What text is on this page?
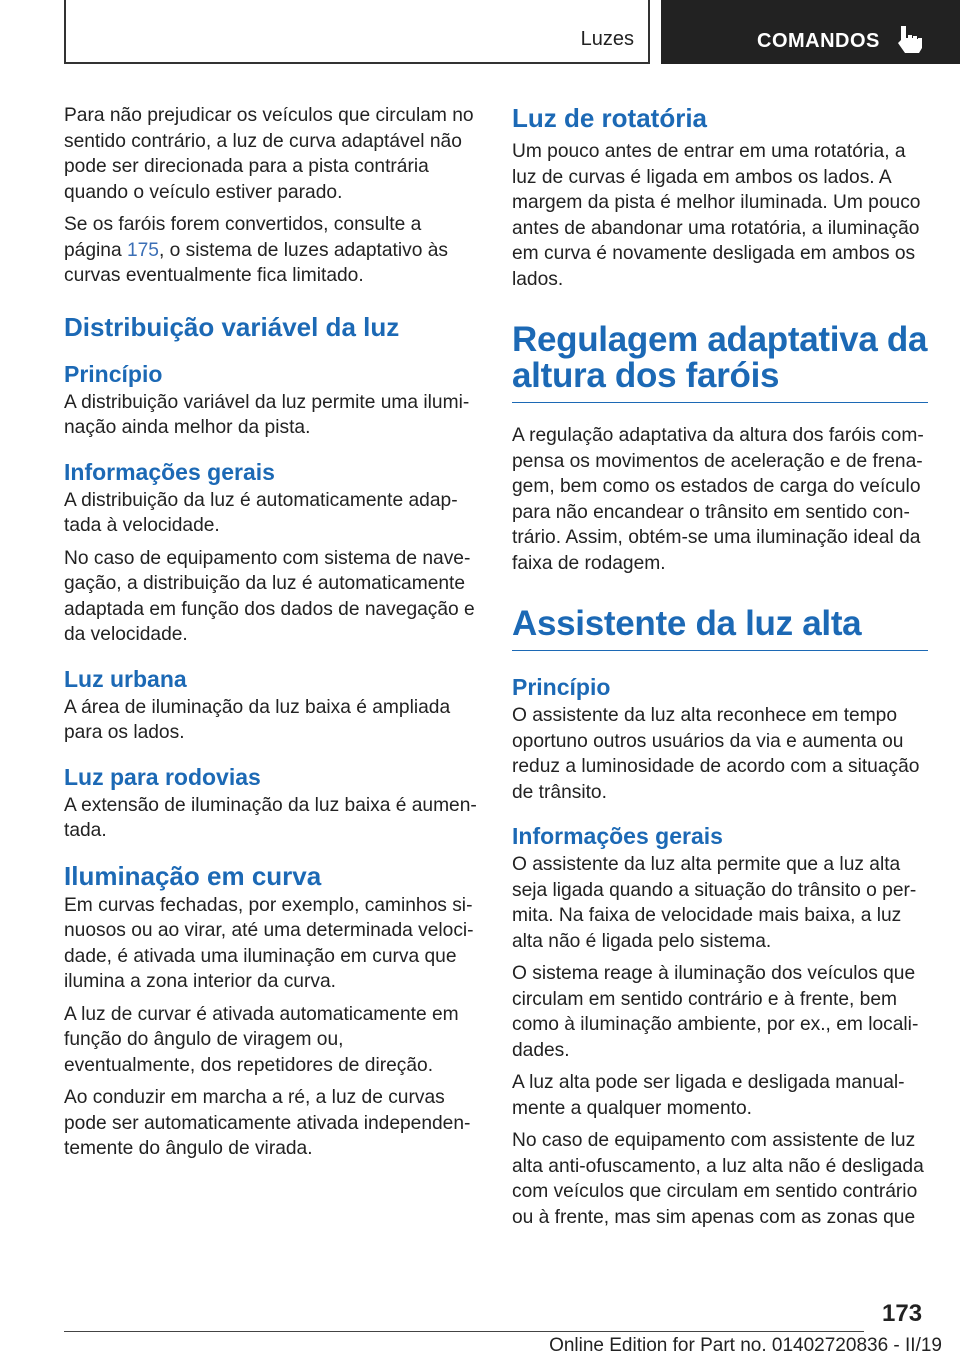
Luzes	COMANDOS

Para não prejudicar os veículos que circulam no sentido contrário, a luz de curva adaptável não pode ser direcionada para a pista contrária quando o veículo estiver parado.

Se os faróis forem convertidos, consulte a página 175, o sistema de luzes adaptativo às curvas eventualmente fica limitado.

Distribuição variável da luz
Princípio

A distribuição variável da luz permite uma iluminação ainda melhor da pista.

Informações gerais

A distribuição da luz é automaticamente adaptada à velocidade.

No caso de equipamento com sistema de navegação, a distribuição da luz é automaticamente adaptada em função dos dados de navegação e da velocidade.

Luz urbana

A área de iluminação da luz baixa é ampliada para os lados.

Luz para rodovias

A extensão de iluminação da luz baixa é aumentada.

Iluminação em curva

Em curvas fechadas, por exemplo, caminhos sinuosos ou ao virar, até uma determinada velocidade, é ativada uma iluminação em curva que ilumina a zona interior da curva.

A luz de curvar é ativada automaticamente em função do ângulo de viragem ou, eventualmente, dos repetidores de direção.

Ao conduzir em marcha a ré, a luz de curvas pode ser automaticamente ativada independentemente do ângulo de virada.

Luz de rotatória

Um pouco antes de entrar em uma rotatória, a luz de curvas é ligada em ambos os lados. A margem da pista é melhor iluminada. Um pouco antes de abandonar uma rotatória, a iluminação em curva é novamente desligada em ambos os lados.

Regulagem adaptativa da altura dos faróis

A regulação adaptativa da altura dos faróis compensa os movimentos de aceleração e de frenagem, bem como os estados de carga do veículo para não encandear o trânsito em sentido contrário. Assim, obtém-se uma iluminação ideal da faixa de rodagem.

Assistente da luz alta
Princípio

O assistente da luz alta reconhece em tempo oportuno outros usuários da via e aumenta ou reduz a luminosidade de acordo com a situação de trânsito.

Informações gerais

O assistente da luz alta permite que a luz alta seja ligada quando a situação do trânsito o permita. Na faixa de velocidade mais baixa, a luz alta não é ligada pelo sistema.

O sistema reage à iluminação dos veículos que circulam em sentido contrário e à frente, bem como à iluminação ambiente, por ex., em localidades.

A luz alta pode ser ligada e desligada manualmente a qualquer momento.

No caso de equipamento com assistente de luz alta anti-ofuscamento, a luz alta não é desligada com veículos que circulam em sentido contrário ou à frente, mas sim apenas com as zonas que

173
Online Edition for Part no. 01402720836 - II/19
